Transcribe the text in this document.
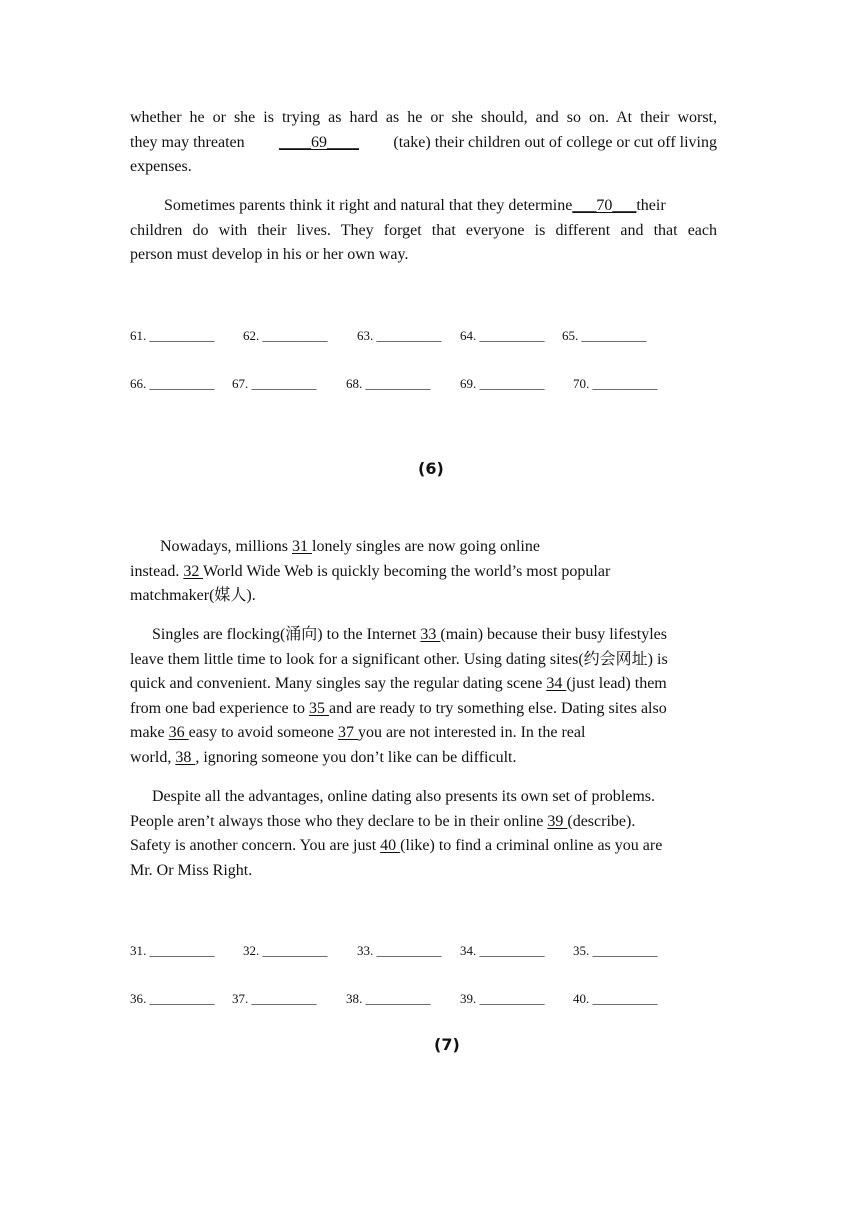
whether he or she is trying as hard as he or she should, and so on. At their worst,
they may threaten ____69____ (take) their children out of college or cut off living
expenses.
Sometimes parents think it right and natural that they determine___70___their
children do with their lives. They forget that everyone is different and that each
person must develop in his or her own way.
61. __________ 62. __________ 63. __________ 64. __________ 65. __________
66. __________ 67. __________ 68. __________ 69. __________ 70. __________
(6)
Nowadays, millions 31 lonely singles are now going online
instead. 32 World Wide Web is quickly becoming the world’s most popular
matchmaker(媒人).
Singles are flocking(涌向) to the Internet 33 (main) because their busy lifestyles
leave them little time to look for a significant other. Using dating sites(约会网址) is
quick and convenient. Many singles say the regular dating scene 34 (just lead) them
from one bad experience to 35 and are ready to try something else. Dating sites also
make 36 easy to avoid someone 37 you are not interested in. In the real
world, 38 , ignoring someone you don’t like can be difficult.
Despite all the advantages, online dating also presents its own set of problems.
People aren’t always those who they declare to be in their online 39 (describe).
Safety is another concern. You are just 40 (like) to find a criminal online as you are
Mr. Or Miss Right.
31. __________ 32. __________ 33. __________ 34. __________ 35. __________
36. __________ 37. __________ 38. __________ 39. __________ 40. __________
(7)
